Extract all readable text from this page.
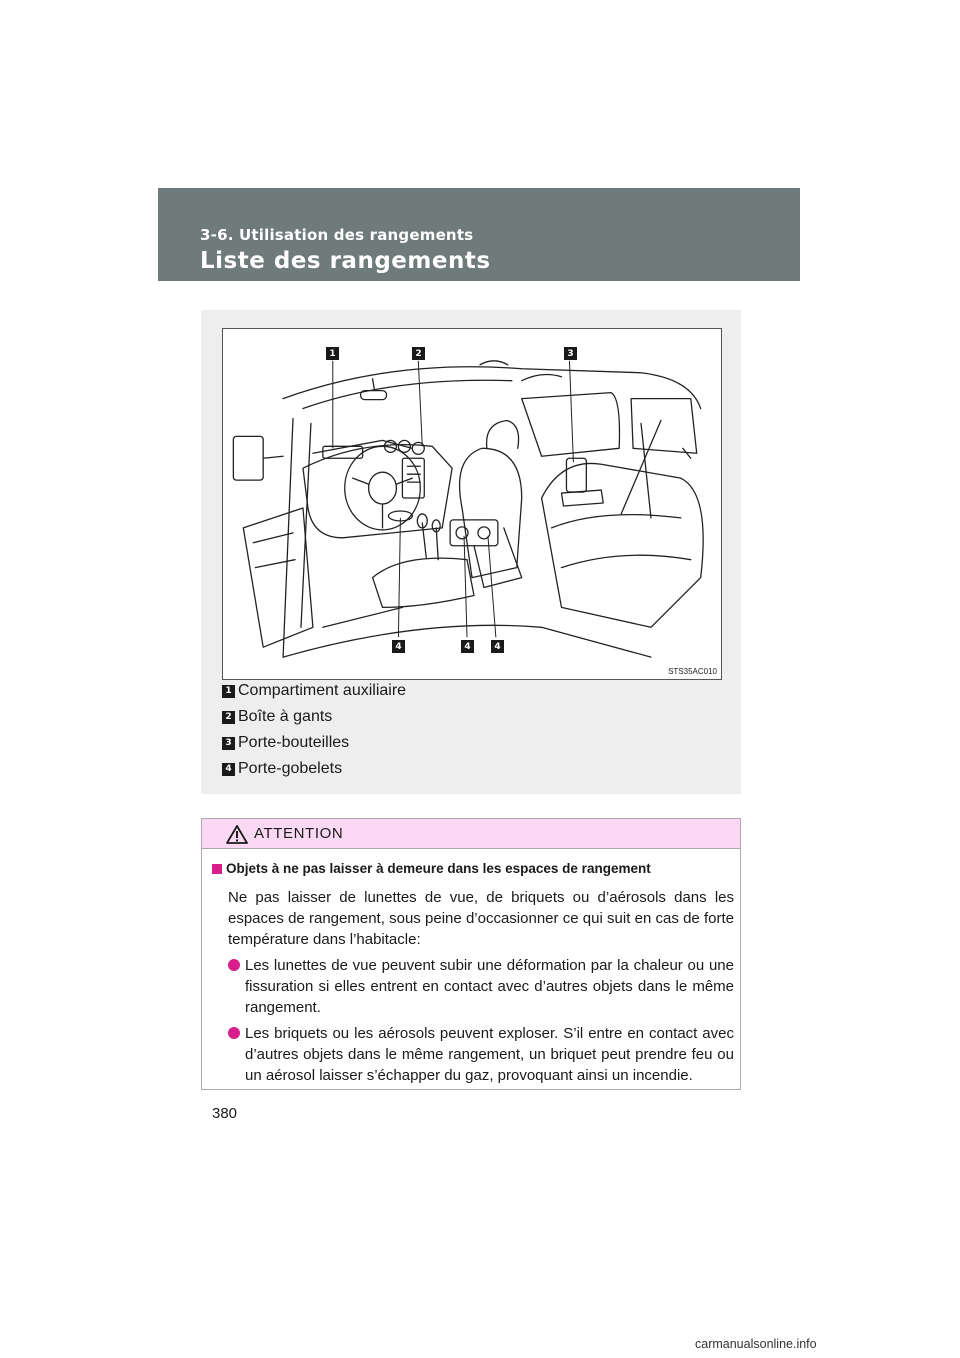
3-6. Utilisation des rangements
Liste des rangements
1	2	3
4	4	4
STS35AC010
1 Compartiment auxiliaire
2 Boîte à gants
3 Porte-bouteilles
4 Porte-gobelets
ATTENTION
Objets à ne pas laisser à demeure dans les espaces de rangement

Ne pas laisser de lunettes de vue, de briquets ou d’aérosols dans les espaces de rangement, sous peine d’occasionner ce qui suit en cas de forte température dans l’habitacle:

Les lunettes de vue peuvent subir une déformation par la chaleur ou une fissuration si elles entrent en contact avec d’autres objets dans le même rangement.

Les briquets ou les aérosols peuvent exploser. S’il entre en contact avec d’autres objets dans le même rangement, un briquet peut prendre feu ou un aérosol laisser s’échapper du gaz, provoquant ainsi un incendie.

380
carmanualsonline.info
